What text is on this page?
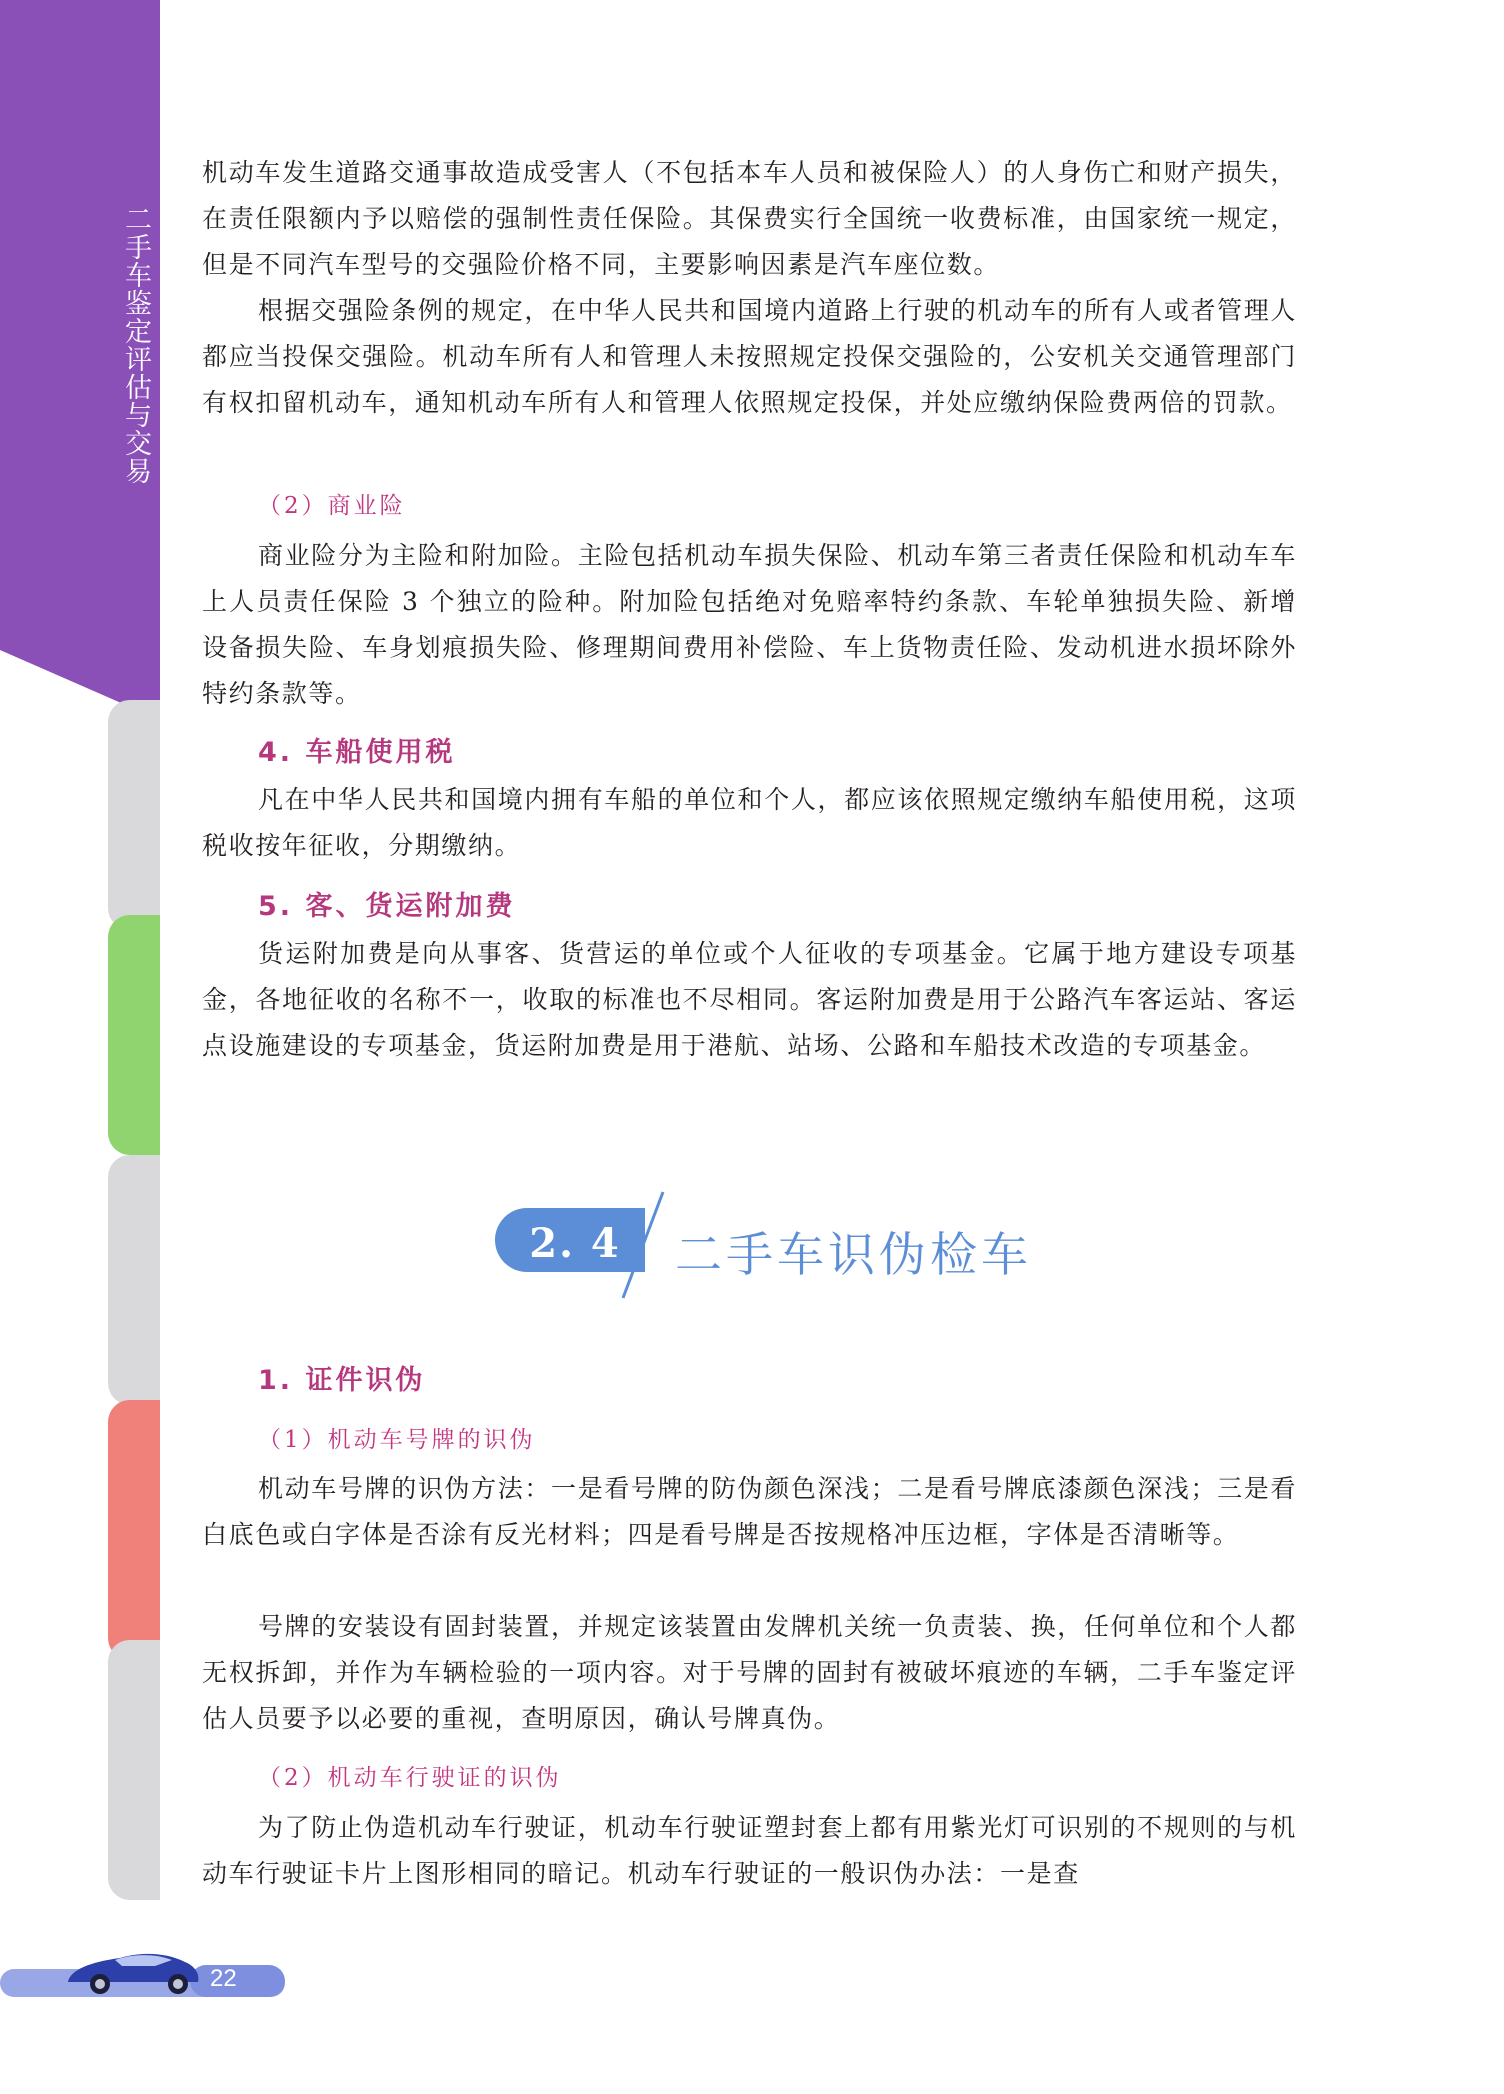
二手车鉴定评估与交易

机动车发生道路交通事故造成受害人（不包括本车人员和被保险人）的人身伤亡和财产损失，在责任限额内予以赔偿的强制性责任保险。其保费实行全国统一收费标准，由国家统一规定，但是不同汽车型号的交强险价格不同，主要影响因素是汽车座位数。

根据交强险条例的规定，在中华人民共和国境内道路上行驶的机动车的所有人或者管理人都应当投保交强险。机动车所有人和管理人未按照规定投保交强险的，公安机关交通管理部门有权扣留机动车，通知机动车所有人和管理人依照规定投保，并处应缴纳保险费两倍的罚款。

（2）商业险

商业险分为主险和附加险。主险包括机动车损失保险、机动车第三者责任保险和机动车车上人员责任保险 3 个独立的险种。附加险包括绝对免赔率特约条款、车轮单独损失险、新增设备损失险、车身划痕损失险、修理期间费用补偿险、车上货物责任险、发动机进水损坏除外特约条款等。

4. 车船使用税

凡在中华人民共和国境内拥有车船的单位和个人，都应该依照规定缴纳车船使用税，这项税收按年征收，分期缴纳。

5. 客、货运附加费

货运附加费是向从事客、货营运的单位或个人征收的专项基金。它属于地方建设专项基金，各地征收的名称不一，收取的标准也不尽相同。客运附加费是用于公路汽车客运站、客运点设施建设的专项基金，货运附加费是用于港航、站场、公路和车船技术改造的专项基金。

1. 证件识伪
（1）机动车号牌的识伪

机动车号牌的识伪方法：一是看号牌的防伪颜色深浅；二是看号牌底漆颜色深浅；三是看白底色或白字体是否涂有反光材料；四是看号牌是否按规格冲压边框，字体是否清晰等。

号牌的安装设有固封装置，并规定该装置由发牌机关统一负责装、换，任何单位和个人都无权拆卸，并作为车辆检验的一项内容。对于号牌的固封有被破坏痕迹的车辆，二手车鉴定评估人员要予以必要的重视，查明原因，确认号牌真伪。

（2）机动车行驶证的识伪

为了防止伪造机动车行驶证，机动车行驶证塑封套上都有用紫光灯可识别的不规则的与机动车行驶证卡片上图形相同的暗记。机动车行驶证的一般识伪办法：一是查

2. 4	二手车识伪检车
22
